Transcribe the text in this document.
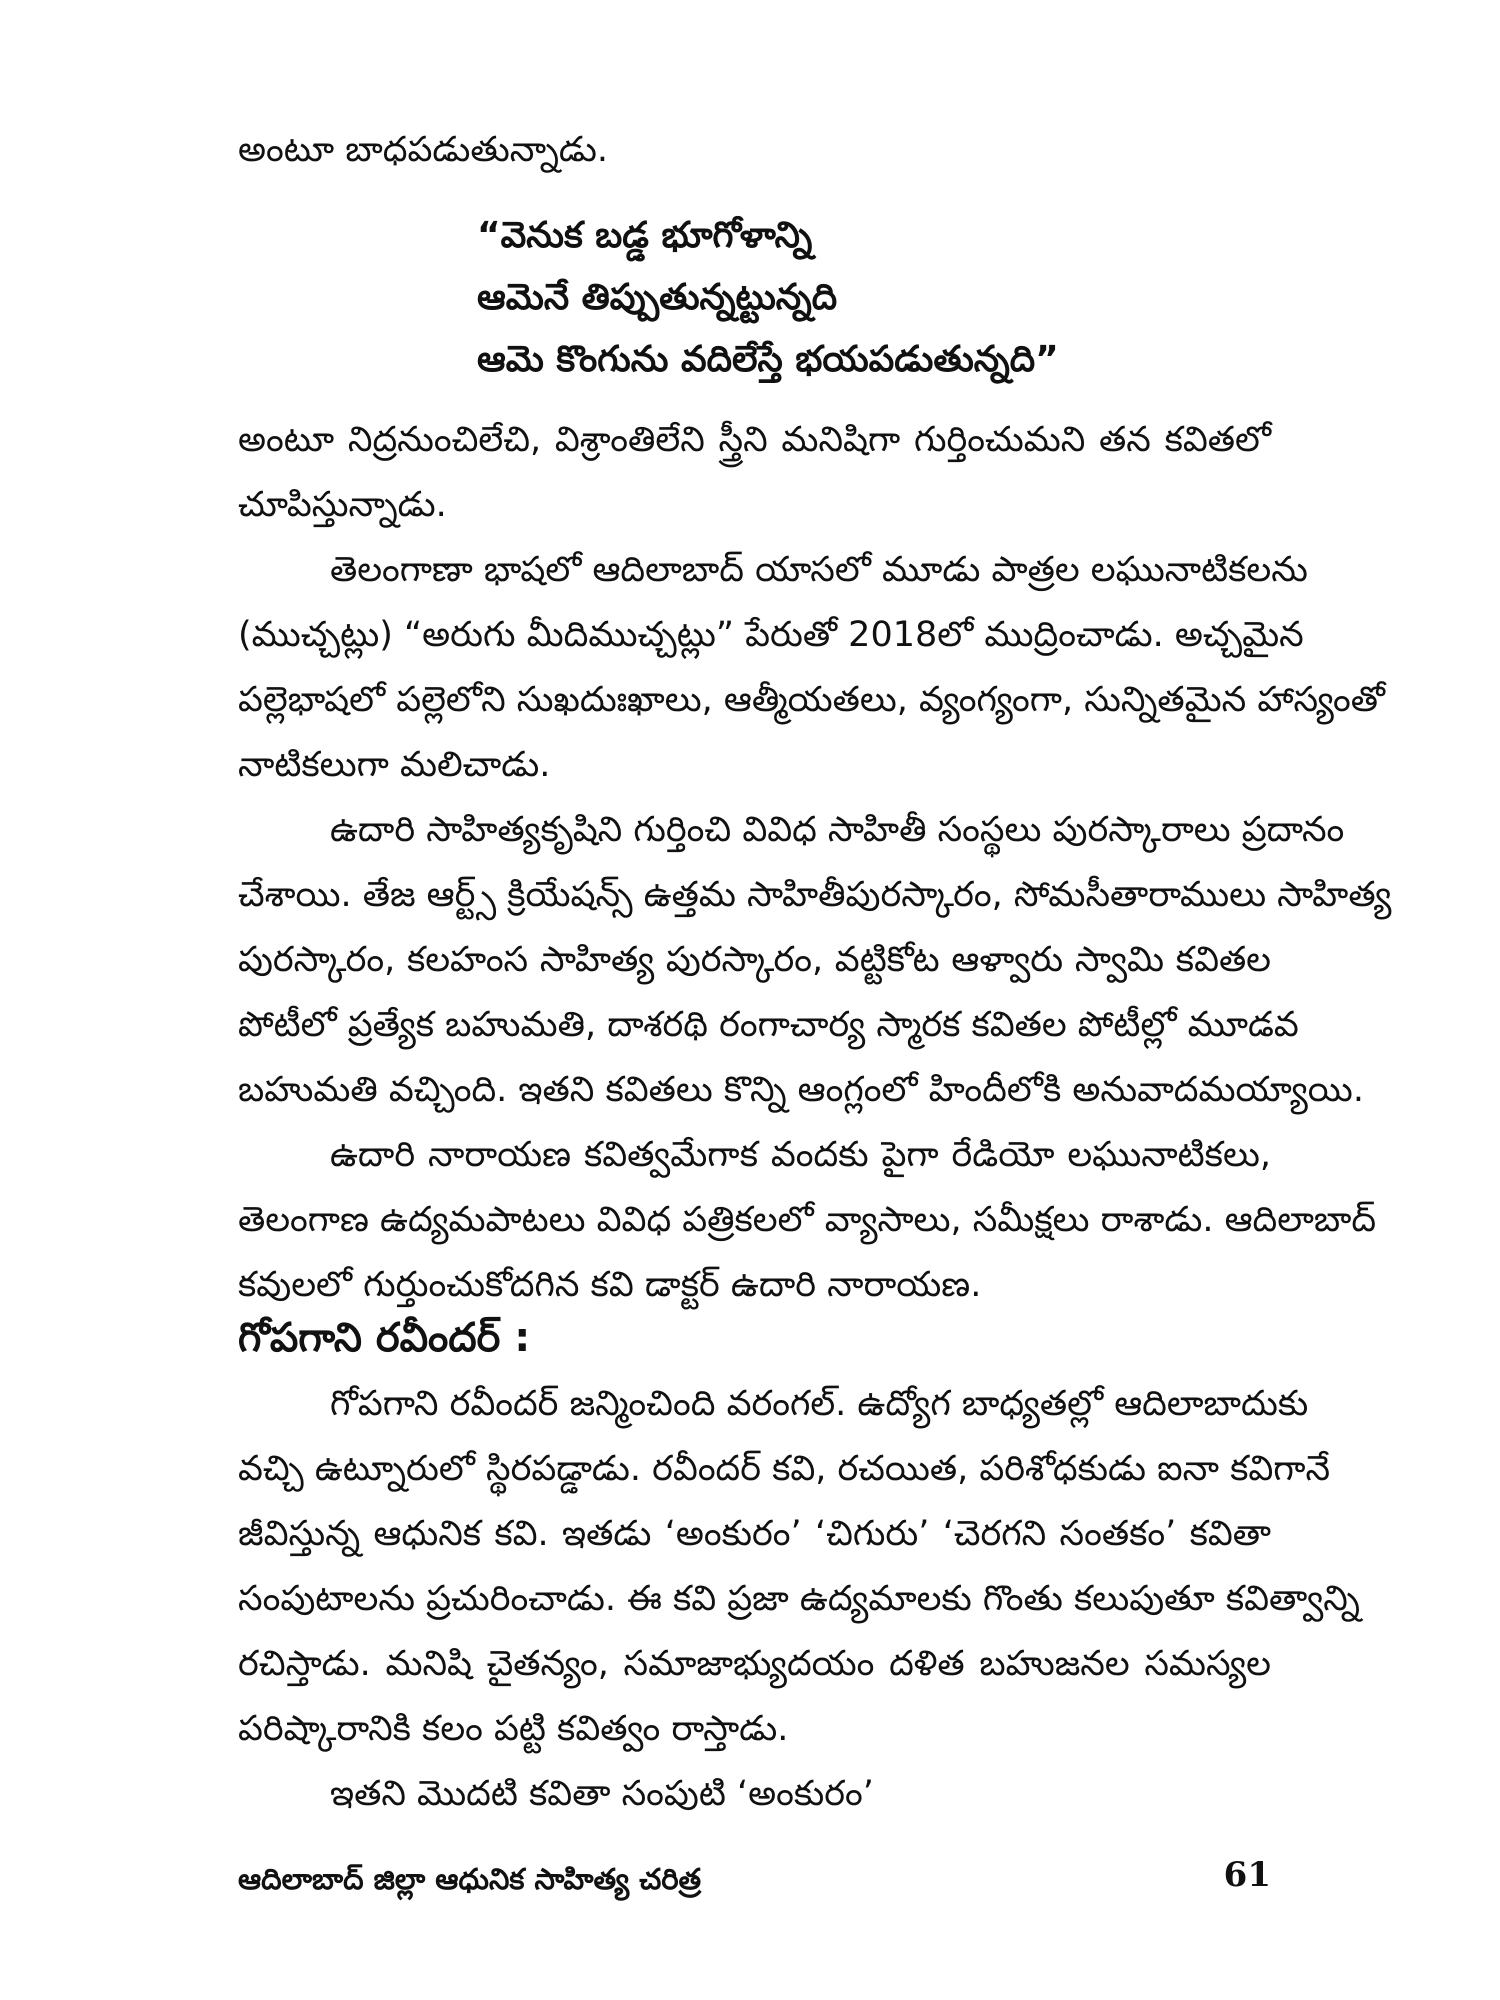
అంటూ బాధపడుతున్నాడు.
“వెనుక బడ్డ భూగోళాన్ని
ఆమెనే తిప్పుతున్నట్టున్నది
ఆమె కొంగును వదిలేస్తే భయపడుతున్నది”
అంటూ నిద్రనుంచిలేచి, విశ్రాంతిలేని స్త్రీని మనిషిగా గుర్తించుమని తన కవితలో
చూపిస్తున్నాడు.
తెలంగాణా భాషలో ఆదిలాబాద్ యాసలో మూడు పాత్రల లఘునాటికలను
(ముచ్చట్లు) “అరుగు మీదిముచ్చట్లు” పేరుతో 2018లో ముద్రించాడు. అచ్చమైన
పల్లెభాషలో పల్లెలోని సుఖదుఃఖాలు, ఆత్మీయతలు, వ్యంగ్యంగా, సున్నితమైన హాస్యంతో
నాటికలుగా మలిచాడు.
ఉదారి సాహిత్యకృషిని గుర్తించి వివిధ సాహితీ సంస్థలు పురస్కారాలు ప్రదానం
చేశాయి. తేజ ఆర్ట్స్ క్రియేషన్స్ ఉత్తమ సాహితీపురస్కారం, సోమసీతారాములు సాహిత్య
పురస్కారం, కలహంస సాహిత్య పురస్కారం, వట్టికోట ఆళ్వారు స్వామి కవితల
పోటీలో ప్రత్యేక బహుమతి, దాశరథి రంగాచార్య స్మారక కవితల పోటీల్లో మూడవ
బహుమతి వచ్చింది. ఇతని కవితలు కొన్ని ఆంగ్లంలో హిందీలోకి అనువాదమయ్యాయి.
ఉదారి నారాయణ కవిత్వమేగాక వందకు పైగా రేడియో లఘునాటికలు,
తెలంగాణ ఉద్యమపాటలు వివిధ పత్రికలలో వ్యాసాలు, సమీక్షలు రాశాడు. ఆదిలాబాద్
కవులలో గుర్తుంచుకోదగిన కవి డాక్టర్ ఉదారి నారాయణ.
గోపగాని రవీందర్ :
గోపగాని రవీందర్ జన్మించింది వరంగల్. ఉద్యోగ బాధ్యతల్లో ఆదిలాబాదుకు
వచ్చి ఉట్నూరులో స్థిరపడ్డాడు. రవీందర్ కవి, రచయిత, పరిశోధకుడు ఐనా కవిగానే
జీవిస్తున్న ఆధునిక కవి. ఇతడు ‘అంకురం’ ‘చిగురు’ ‘చెరగని సంతకం’ కవితా
సంపుటాలను ప్రచురించాడు. ఈ కవి ప్రజా ఉద్యమాలకు గొంతు కలుపుతూ కవిత్వాన్ని
రచిస్తాడు. మనిషి చైతన్యం, సమాజాభ్యుదయం దళిత బహుజనల సమస్యల
పరిష్కారానికి కలం పట్టి కవిత్వం రాస్తాడు.
ఇతని మొదటి కవితా సంపుటి ‘అంకురం’
ఆదిలాబాద్ జిల్లా ఆధునిక సాహిత్య చరిత్ర	61
